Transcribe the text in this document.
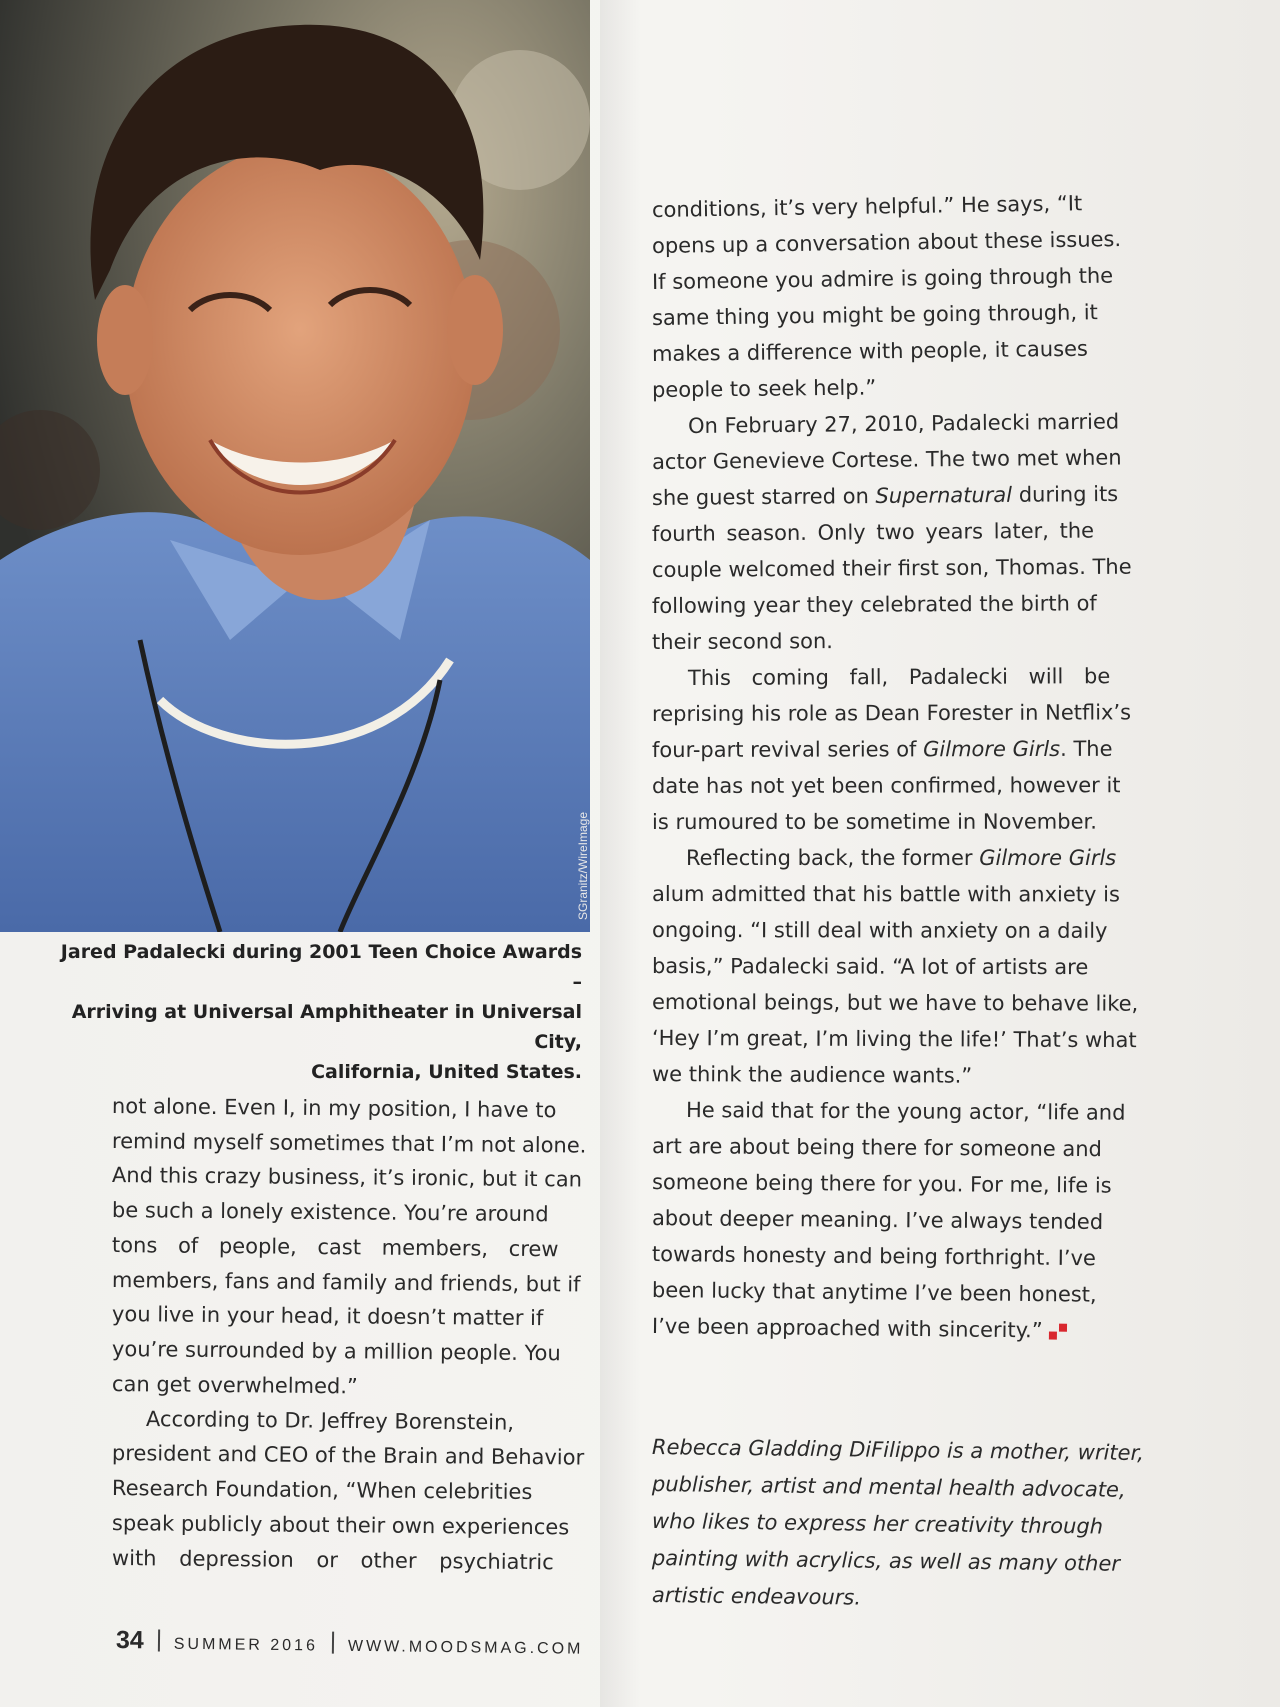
SGranitz/WireImage
Jared Padalecki during 2001 Teen Choice Awards –
Arriving at Universal Amphitheater in Universal City,
California, United States.
not alone. Even I, in my position, I have to
remind myself sometimes that I’m not alone.
And this crazy business, it’s ironic, but it can
be such a lonely existence. You’re around
tons of people, cast members, crew
members, fans and family and friends, but if
you live in your head, it doesn’t matter if
you’re surrounded by a million people. You
can get overwhelmed.”
According to Dr. Jeffrey Borenstein,
president and CEO of the Brain and Behavior
Research Foundation, “When celebrities
speak publicly about their own experiences
with depression or other psychiatric
conditions, it’s very helpful.” He says, “It
opens up a conversation about these issues.
If someone you admire is going through the
same thing you might be going through, it
makes a difference with people, it causes
people to seek help.”
On February 27, 2010, Padalecki married
actor Genevieve Cortese. The two met when
she guest starred on Supernatural during its
fourth season. Only two years later, the
couple welcomed their first son, Thomas. The
following year they celebrated the birth of
their second son.
This coming fall, Padalecki will be
reprising his role as Dean Forester in Netflix’s
four-part revival series of Gilmore Girls. The
date has not yet been confirmed, however it
is rumoured to be sometime in November.
Reflecting back, the former Gilmore Girls
alum admitted that his battle with anxiety is
ongoing. “I still deal with anxiety on a daily
basis,” Padalecki said. “A lot of artists are
emotional beings, but we have to behave like,
‘Hey I’m great, I’m living the life!’ That’s what
we think the audience wants.”
He said that for the young actor, “life and
art are about being there for someone and
someone being there for you. For me, life is
about deeper meaning. I’ve always tended
towards honesty and being forthright. I’ve
been lucky that anytime I’ve been honest,
I’ve been approached with sincerity.”
Rebecca Gladding DiFilippo is a mother, writer,
publisher, artist and mental health advocate,
who likes to express her creativity through
painting with acrylics, as well as many other
artistic endeavours.
34 SUMMER 2016 WWW.MOODSMAG.COM
